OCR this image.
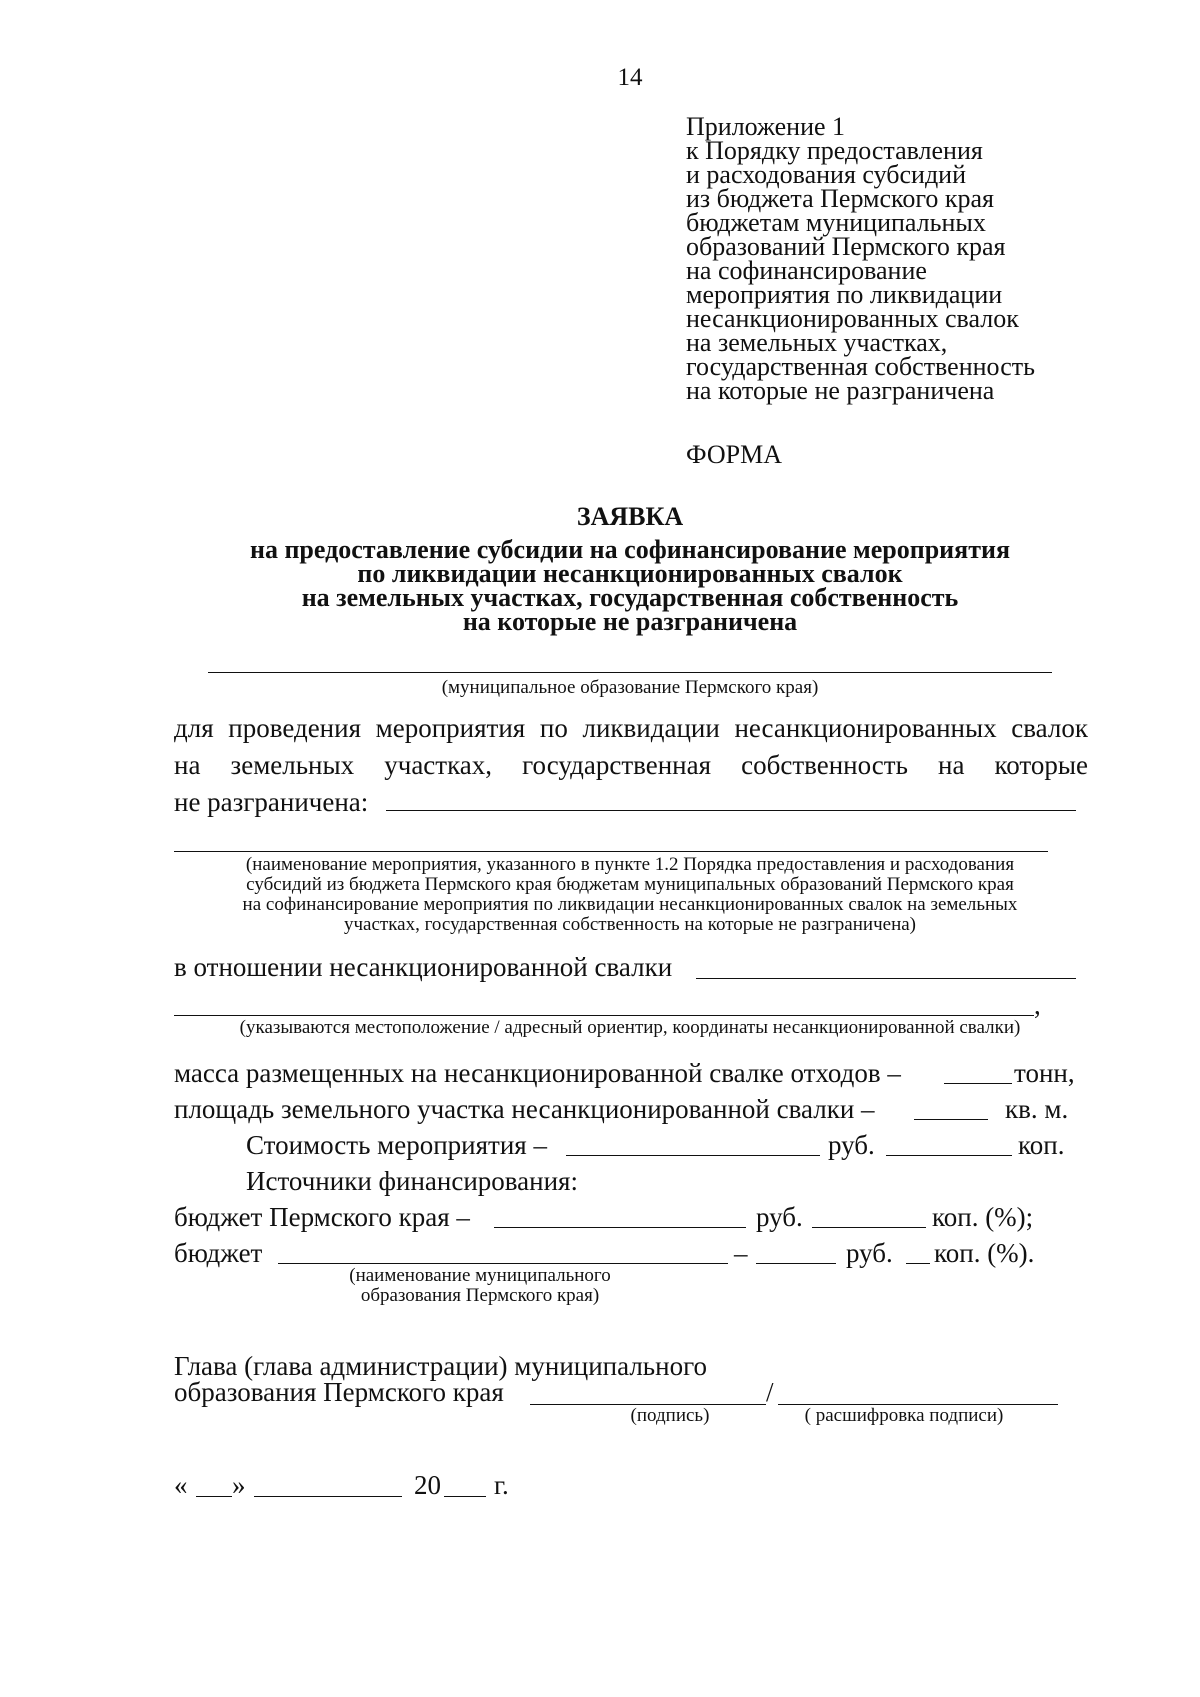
14
Приложение 1
к Порядку предоставления
и расходования субсидий
из бюджета Пермского края
бюджетам муниципальных
образований Пермского края
на софинансирование
мероприятия по ликвидации
несанкционированных свалок
на земельных участках,
государственная собственность
на которые не разграничена
ФОРМА
ЗАЯВКА
на предоставление субсидии на софинансирование мероприятия
по ликвидации несанкционированных свалок
на земельных участках, государственная собственность
на которые не разграничена
(муниципальное образование Пермского края)
для проведения мероприятия по ликвидации несанкционированных свалок
на земельных участках, государственная собственность на которые
не разграничена:
(наименование мероприятия, указанного в пункте 1.2 Порядка предоставления и расходования
субсидий из бюджета Пермского края бюджетам муниципальных образований Пермского края
на софинансирование мероприятия по ликвидации несанкционированных свалок на земельных
участках, государственная собственность на которые не разграничена)
в отношении несанкционированной свалки
,
(указываются местоположение / адресный ориентир, координаты несанкционированной свалки)
масса размещенных на несанкционированной свалке отходов –	тонн,
площадь земельного участка несанкционированной свалки –	кв. м.
Стоимость мероприятия –	руб.	коп.
Источники финансирования:
бюджет Пермского края –	руб.	коп. (%);
бюджет	–	руб. коп. (%).
(наименование муниципального
образования Пермского края)
Глава (глава администрации) муниципального
образования Пермского края	/
(подпись)	( расшифровка подписи)
« »	20 г.
